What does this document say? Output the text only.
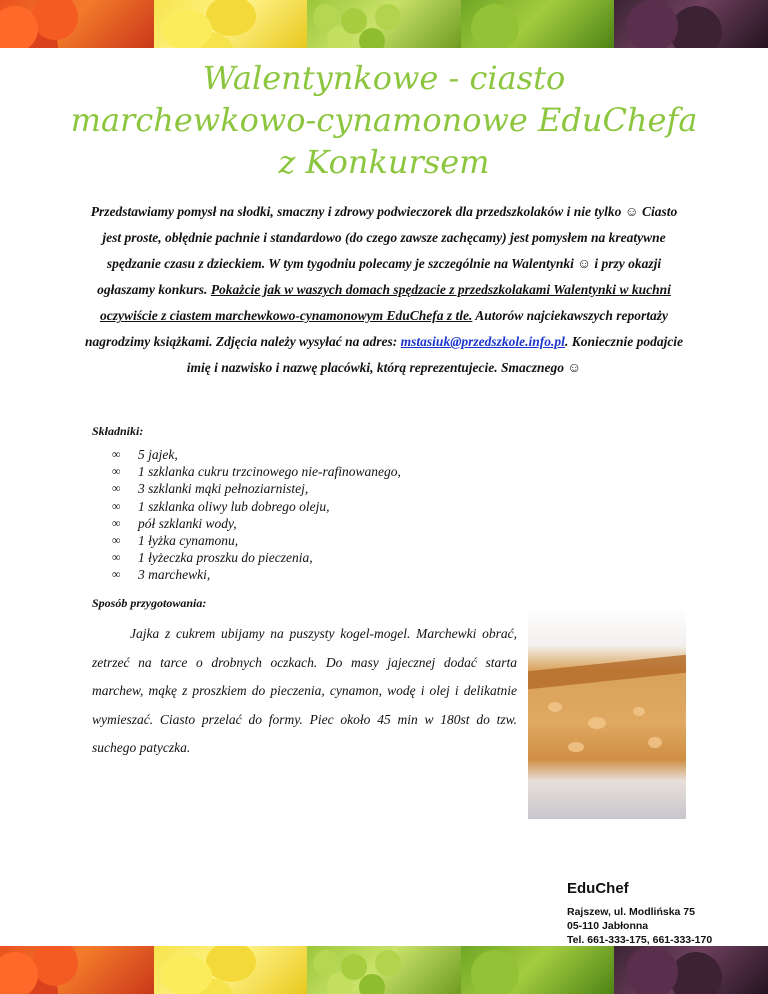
Walentynkowe - ciasto
marchewkowo-cynamonowe EduChefa
z Konkursem
Przedstawiamy pomysł na słodki, smaczny i zdrowy podwieczorek dla przedszkolaków i nie tylko ☺ Ciasto jest proste, obłędnie pachnie i standardowo (do czego zawsze zachęcamy) jest pomysłem na kreatywne spędzanie czasu z dzieckiem. W tym tygodniu polecamy je szczególnie na Walentynki ☺ i przy okazji ogłaszamy konkurs. Pokażcie jak w waszych domach spędzacie z przedszkolakami Walentynki w kuchni oczywiście z ciastem marchewkowo-cynamonowym EduChefa z tle. Autorów najciekawszych reportaży nagrodzimy książkami. Zdjęcia należy wysyłać na adres: mstasiuk@przedszkole.info.pl. Koniecznie podajcie imię i nazwisko i nazwę placówki, którą reprezentujecie. Smacznego ☺
Składniki:
∞	5 jajek,
∞	1 szklanka cukru trzcinowego nie-rafinowanego,
∞	3 szklanki mąki pełnoziarnistej,
∞	1 szklanka oliwy lub dobrego oleju,
∞	pół szklanki wody,
∞	1 łyżka cynamonu,
∞	1 łyżeczka proszku do pieczenia,
∞	3 marchewki,
Sposób przygotowania:
Jajka z cukrem ubijamy na puszysty kogel-mogel. Marchewki obrać, zetrzeć na tarce o drobnych oczkach. Do masy jajecznej dodać starta marchew, mąkę z proszkiem do pieczenia, cynamon, wodę i olej i delikatnie wymieszać. Ciasto przelać do formy. Piec około 45 min w 180st do tzw. suchego patyczka.
EduChef
Rajszew, ul. Modlińska 75
05-110 Jabłonna
Tel. 661-333-175, 661-333-170
